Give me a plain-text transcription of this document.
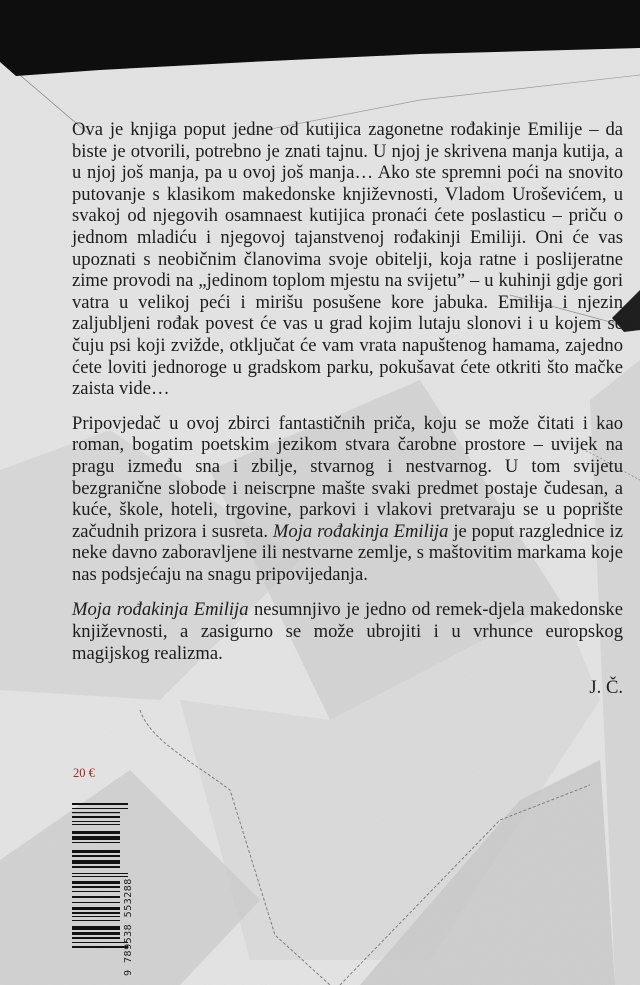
Ova je knjiga poput jedne od kutijica zagonetne rođakinje Emilije – da biste je otvorili, potrebno je znati tajnu. U njoj je skrivena manja kutija, a u njoj još manja, pa u ovoj još manja… Ako ste spremni poći na snovito putovanje s klasikom makedonske književnosti, Vladom Uroševićem, u svakoj od njegovih osamnaest kutijica pronaći ćete poslasticu – priču o jednom mladiću i njegovoj tajanstvenoj rođakinji Emiliji. Oni će vas upoznati s neobičnim članovima svoje obitelji, koja ratne i poslijeratne zime provodi na „jedinom toplom mjestu na svijetu” – u kuhinji gdje gori vatra u velikoj peći i mirišu posušene kore jabuka. Emilija i njezin zaljubljeni rođak povest će vas u grad kojim lutaju slonovi i u kojem se čuju psi koji zvižde, otključat će vam vrata napuštenog hamama, zajedno ćete loviti jednoroge u gradskom parku, pokušavat ćete otkriti što mačke zaista vide…

Pripovjedač u ovoj zbirci fantastičnih priča, koju se može čitati i kao roman, bogatim poetskim jezikom stvara čarobne prostore – uvijek na pragu između sna i zbilje, stvarnog i nestvarnog. U tom svijetu bezgranične slobode i neiscrpne mašte svaki predmet postaje čudesan, a kuće, škole, hoteli, trgovine, parkovi i vlakovi pretvaraju se u poprište začudnih prizora i susreta. Moja rođakinja Emilija je poput razglednice iz neke davno zaboravljene ili nestvarne zemlje, s maštovitim markama koje nas podsjećaju na snagu pripovijedanja.

Moja rođakinja Emilija nesumnjivo je jedno od remek-djela makedonske književnosti, a zasigurno se može ubrojiti i u vrhunce europskog magijskog realizma.

J. Č.
20 €
9 789538 553288
